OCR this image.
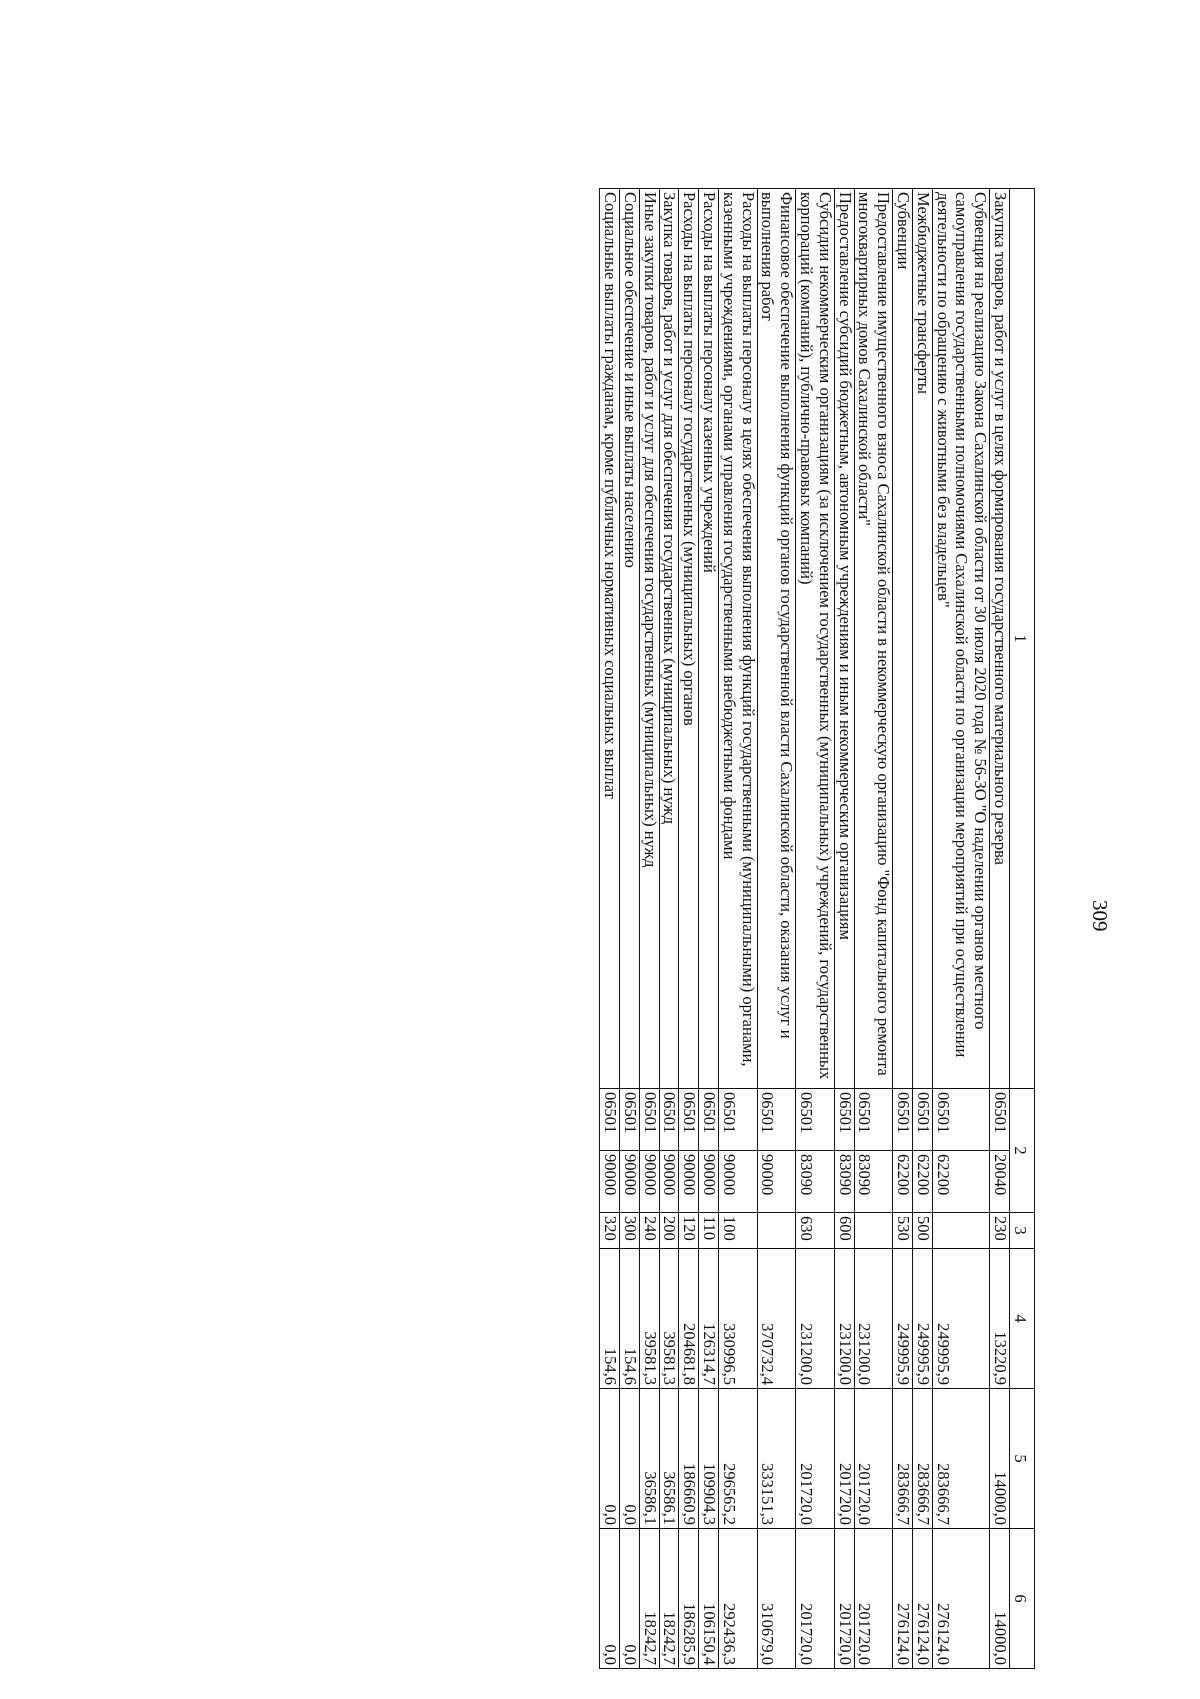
309
1	2		3	4	5	6
Закупка товаров, работ и услуг в целях формирования государственного материального резерва	06501	20040	230	13220,9	14000,0	14000,0
Субвенция на реализацию Закона Сахалинской области от 30 июля 2020 года № 56-ЗО "О наделении органов местного самоуправления государственными полномочиями Сахалинской области по организации мероприятий при осуществлении деятельности по обращению с животными без владельцев"	06501	62200		249995,9	283666,7	276124,0
Межбюджетные трансферты	06501	62200	500	249995,9	283666,7	276124,0
Субвенции	06501	62200	530	249995,9	283666,7	276124,0
Предоставление имущественного взноса Сахалинской области в некоммерческую организацию "Фонд капитального ремонта многоквартирных домов Сахалинской области"	06501	83090		231200,0	201720,0	201720,0
Предоставление субсидий бюджетным, автономным учреждениям и иным некоммерческим организациям	06501	83090	600	231200,0	201720,0	201720,0
Субсидии некоммерческим организациям (за исключением государственных (муниципальных) учреждений, государственных корпораций (компаний), публично-правовых компаний)	06501	83090	630	231200,0	201720,0	201720,0
Финансовое обеспечение выполнения функций органов государственной власти Сахалинской области, оказания услуг и выполнения работ	06501	90000		370732,4	333151,3	310679,0
Расходы на выплаты персоналу в целях обеспечения выполнения функций государственными (муниципальными) органами, казенными учреждениями, органами управления государственными внебюджетными фондами	06501	90000	100	330996,5	296565,2	292436,3
Расходы на выплаты персоналу казенных учреждений	06501	90000	110	126314,7	109904,3	106150,4
Расходы на выплаты персоналу государственных (муниципальных) органов	06501	90000	120	204681,8	186660,9	186285,9
Закупка товаров, работ и услуг для обеспечения государственных (муниципальных) нужд	06501	90000	200	39581,3	36586,1	18242,7
Иные закупки товаров, работ и услуг для обеспечения государственных (муниципальных) нужд	06501	90000	240	39581,3	36586,1	18242,7
Социальное обеспечение и иные выплаты населению	06501	90000	300	154,6	0,0	0,0
Социальные выплаты гражданам, кроме публичных нормативных социальных выплат	06501	90000	320	154,6	0,0	0,0
